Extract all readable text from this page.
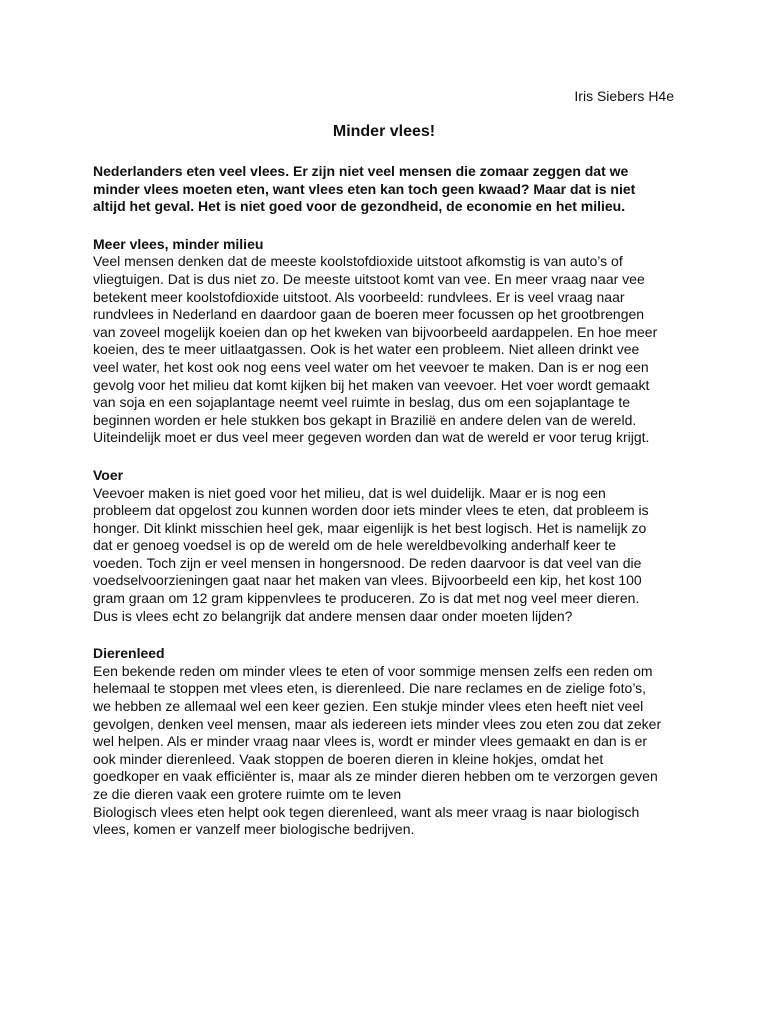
Iris Siebers H4e
Minder vlees!
Nederlanders eten veel vlees. Er zijn niet veel mensen die zomaar zeggen dat we
minder vlees moeten eten, want vlees eten kan toch geen kwaad? Maar dat is niet
altijd het geval. Het is niet goed voor de gezondheid, de economie en het milieu.
Meer vlees, minder milieu
Veel mensen denken dat de meeste koolstofdioxide uitstoot afkomstig is van auto’s of
vliegtuigen. Dat is dus niet zo. De meeste uitstoot komt van vee. En meer vraag naar vee
betekent meer koolstofdioxide uitstoot. Als voorbeeld: rundvlees. Er is veel vraag naar
rundvlees in Nederland en daardoor gaan de boeren meer focussen op het grootbrengen
van zoveel mogelijk koeien dan op het kweken van bijvoorbeeld aardappelen. En hoe meer
koeien, des te meer uitlaatgassen. Ook is het water een probleem. Niet alleen drinkt vee
veel water, het kost ook nog eens veel water om het veevoer te maken. Dan is er nog een
gevolg voor het milieu dat komt kijken bij het maken van veevoer. Het voer wordt gemaakt
van soja en een sojaplantage neemt veel ruimte in beslag, dus om een sojaplantage te
beginnen worden er hele stukken bos gekapt in Brazilië en andere delen van de wereld.
Uiteindelijk moet er dus veel meer gegeven worden dan wat de wereld er voor terug krijgt.
Voer
Veevoer maken is niet goed voor het milieu, dat is wel duidelijk. Maar er is nog een
probleem dat opgelost zou kunnen worden door iets minder vlees te eten, dat probleem is
honger. Dit klinkt misschien heel gek, maar eigenlijk is het best logisch. Het is namelijk zo
dat er genoeg voedsel is op de wereld om de hele wereldbevolking anderhalf keer te
voeden. Toch zijn er veel mensen in hongersnood. De reden daarvoor is dat veel van die
voedselvoorzieningen gaat naar het maken van vlees. Bijvoorbeeld een kip, het kost 100
gram graan om 12 gram kippenvlees te produceren. Zo is dat met nog veel meer dieren.
Dus is vlees echt zo belangrijk dat andere mensen daar onder moeten lijden?
Dierenleed
Een bekende reden om minder vlees te eten of voor sommige mensen zelfs een reden om
helemaal te stoppen met vlees eten, is dierenleed. Die nare reclames en de zielige foto’s,
we hebben ze allemaal wel een keer gezien. Een stukje minder vlees eten heeft niet veel
gevolgen, denken veel mensen, maar als iedereen iets minder vlees zou eten zou dat zeker
wel helpen. Als er minder vraag naar vlees is, wordt er minder vlees gemaakt en dan is er
ook minder dierenleed. Vaak stoppen de boeren dieren in kleine hokjes, omdat het
goedkoper en vaak efficiënter is, maar als ze minder dieren hebben om te verzorgen geven
ze die dieren vaak een grotere ruimte om te leven
Biologisch vlees eten helpt ook tegen dierenleed, want als meer vraag is naar biologisch
vlees, komen er vanzelf meer biologische bedrijven.
